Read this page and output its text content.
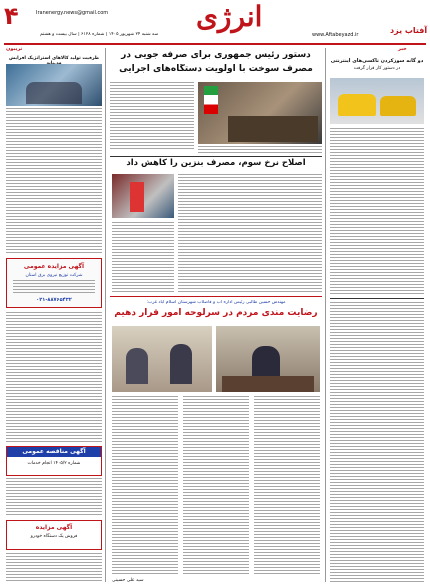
۴	Iranenergy.news@gmail.com	انرژی
سه شنبه ۲۴ شهریور ۱۴۰۵ | شماره ۶۱۲۸ | سال بیست و هشتم	www.Aftabeyazd.ir	آفتاب یزد
تریبون	خبر
ظرفیت تولید کالاهای استراتژیک افزایش
آگهی مزایده عمومی
شرکت توزیع نیروی برق استان
۰۲۱-۸۸۷۶۵۴۳۲
آگهی مناقصه عمومی
شماره ۱۴۰۵/۲ انجام خدمات
آگهی مزایده
فروش یک دستگاه خودرو
دو گانه سوزکردن تاکسی‌های اینترنتی
در دستور کار قرار گرفت
دستور رئیس جمهوری برای صرفه جویی در
مصرف سوخت با اولویت دستگاه‌های اجرایی
اصلاح نرخ سوم، مصرف بنزین را کاهش داد
مهندس حسین طالبی رئیس اداره آب و فاضلاب شهرستان اسلام آباد غرب:
رضایت مندی مردم در سرلوحه امور قرار دهیم
سید علی حسینی
